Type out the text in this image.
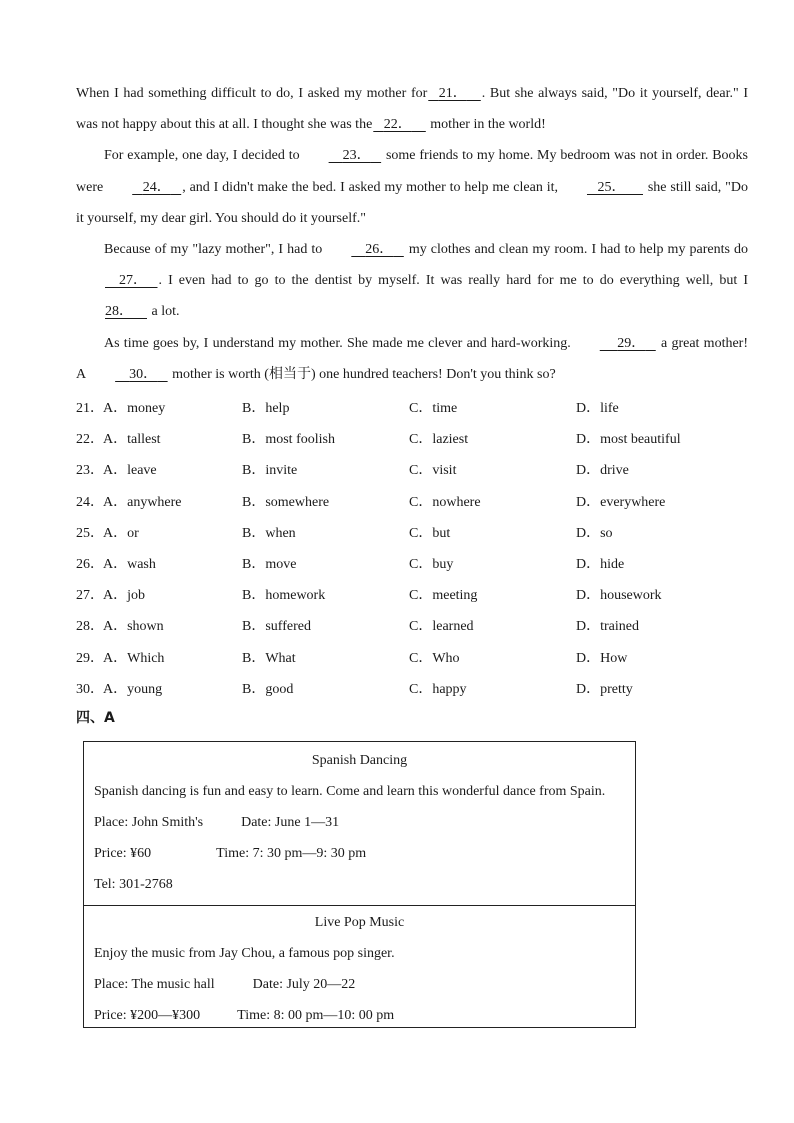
When I had something difficult to do, I asked my mother for 21． . But she always said, "Do it yourself, dear." I was not happy about this at all. I thought she was the 22．     mother in the world!

For example, one day, I decided to	23．    some friends to my home. My bedroom was not in order. Books were	24． , and I didn't make the bed. I asked my mother to help me clean it,	25．      she still said, "Do it yourself, my dear girl. You should do it yourself."

Because of my "lazy mother", I had to	26．    my clothes and clean my room. I had to help my parents do    27． . I even had to go to the dentist by myself. It was really hard for me to do everything well, but I28．     a lot.

As time goes by, I understand my mother. She made me clever and hard-working.	29．    a great mother! A	30．    mother is worth (相当于) one hundred teachers! Don't you think so?

21． A．money	B．help	C．time	D．life
22． A．tallest	B．most foolish	C．laziest	D．most beautiful
23． A．leave	B．invite	C．visit	D．drive
24． A．anywhere	B．somewhere	C．nowhere	D．everywhere
25． A．or	B．when	C．but	D．so
26． A．wash	B．move	C．buy	D．hide
27． A．job	B．homework	C．meeting	D．housework
28． A．shown	B．suffered	C．learned	D．trained
29． A．Which	B．What	C．Who	D．How
30． A．young	B．good	C．happy	D．pretty
四、A
Spanish Dancing
Spanish dancing is fun and easy to learn. Come and learn this wonderful dance from Spain.
Place: John Smith's	Date: June 1—31
Price: ¥60	Time: 7: 30 pm—9: 30 pm
Tel: 301-2768
Live Pop Music
Enjoy the music from Jay Chou, a famous pop singer.
Place: The music hall	Date: July 20—22
Price: ¥200—¥300	Time: 8: 00 pm—10: 00 pm
